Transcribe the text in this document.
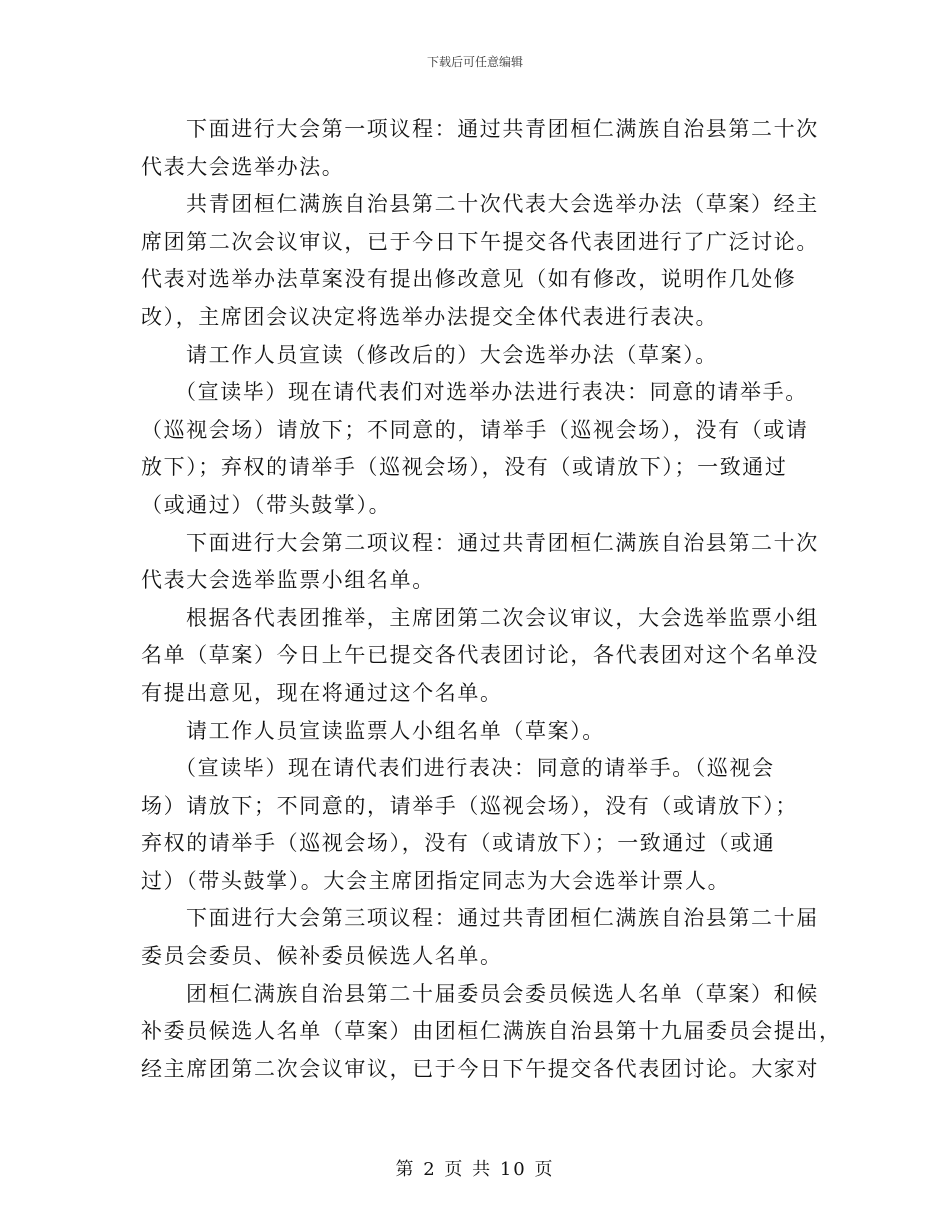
下载后可任意编辑
下面进行大会第一项议程：通过共青团桓仁满族自治县第二十次
代表大会选举办法。
共青团桓仁满族自治县第二十次代表大会选举办法（草案）经主
席团第二次会议审议，已于今日下午提交各代表团进行了广泛讨论。
代表对选举办法草案没有提出修改意见（如有修改，说明作几处修
改），主席团会议决定将选举办法提交全体代表进行表决。
请工作人员宣读（修改后的）大会选举办法（草案）。
（宣读毕）现在请代表们对选举办法进行表决：同意的请举手。
（巡视会场）请放下；不同意的，请举手（巡视会场），没有（或请
放下）；弃权的请举手（巡视会场），没有（或请放下）；一致通过
（或通过）（带头鼓掌）。
下面进行大会第二项议程：通过共青团桓仁满族自治县第二十次
代表大会选举监票小组名单。
根据各代表团推举，主席团第二次会议审议，大会选举监票小组
名单（草案）今日上午已提交各代表团讨论，各代表团对这个名单没
有提出意见，现在将通过这个名单。
请工作人员宣读监票人小组名单（草案）。
（宣读毕）现在请代表们进行表决：同意的请举手。（巡视会
场）请放下；不同意的，请举手（巡视会场），没有（或请放下）；
弃权的请举手（巡视会场），没有（或请放下）；一致通过（或通
过）（带头鼓掌）。大会主席团指定同志为大会选举计票人。
下面进行大会第三项议程：通过共青团桓仁满族自治县第二十届
委员会委员、候补委员候选人名单。
团桓仁满族自治县第二十届委员会委员候选人名单（草案）和候
补委员候选人名单（草案）由团桓仁满族自治县第十九届委员会提出，
经主席团第二次会议审议，已于今日下午提交各代表团讨论。大家对
第 2 页 共 10 页
